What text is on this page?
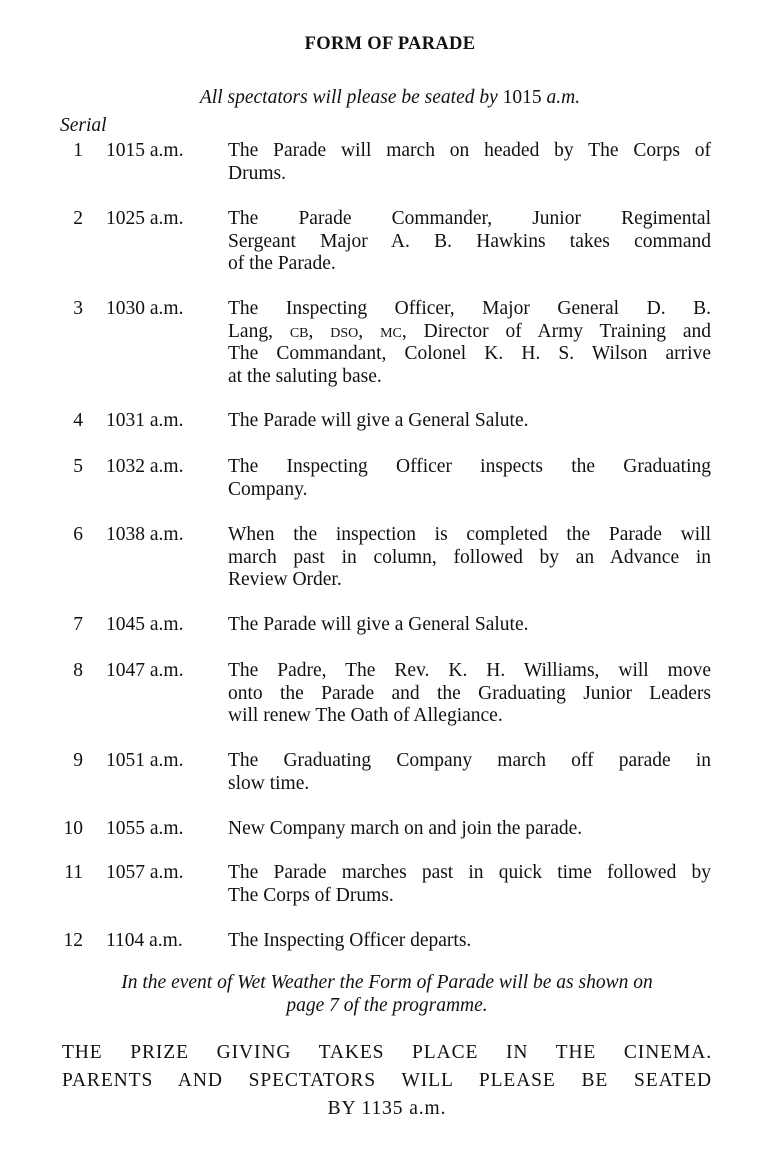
FORM OF PARADE
All spectators will please be seated by 1015 a.m.
Serial
1 1015 a.m. The Parade will march on headed by The Corps of
Drums.
2 1025 a.m. The Parade Commander, Junior Regimental
Sergeant Major A. B. Hawkins takes command
of the Parade.
3 1030 a.m. The Inspecting Officer, Major General D. B.
Lang, cb, dso, mc, Director of Army Training and
The Commandant, Colonel K. H. S. Wilson arrive
at the saluting base.
4 1031 a.m. The Parade will give a General Salute.
5 1032 a.m. The Inspecting Officer inspects the Graduating
Company.
6 1038 a.m. When the inspection is completed the Parade will
march past in column, followed by an Advance in
Review Order.
7 1045 a.m. The Parade will give a General Salute.
8 1047 a.m. The Padre, The Rev. K. H. Williams, will move
onto the Parade and the Graduating Junior Leaders
will renew The Oath of Allegiance.
9 1051 a.m. The Graduating Company march off parade in
slow time.
10 1055 a.m. New Company march on and join the parade.
11 1057 a.m. The Parade marches past in quick time followed by
The Corps of Drums.
12 1104 a.m. The Inspecting Officer departs.
In the event of Wet Weather the Form of Parade will be as shown on
page 7 of the programme.
THE PRIZE GIVING TAKES PLACE IN THE CINEMA.
PARENTS AND SPECTATORS WILL PLEASE BE SEATED
BY 1135 a.m.
